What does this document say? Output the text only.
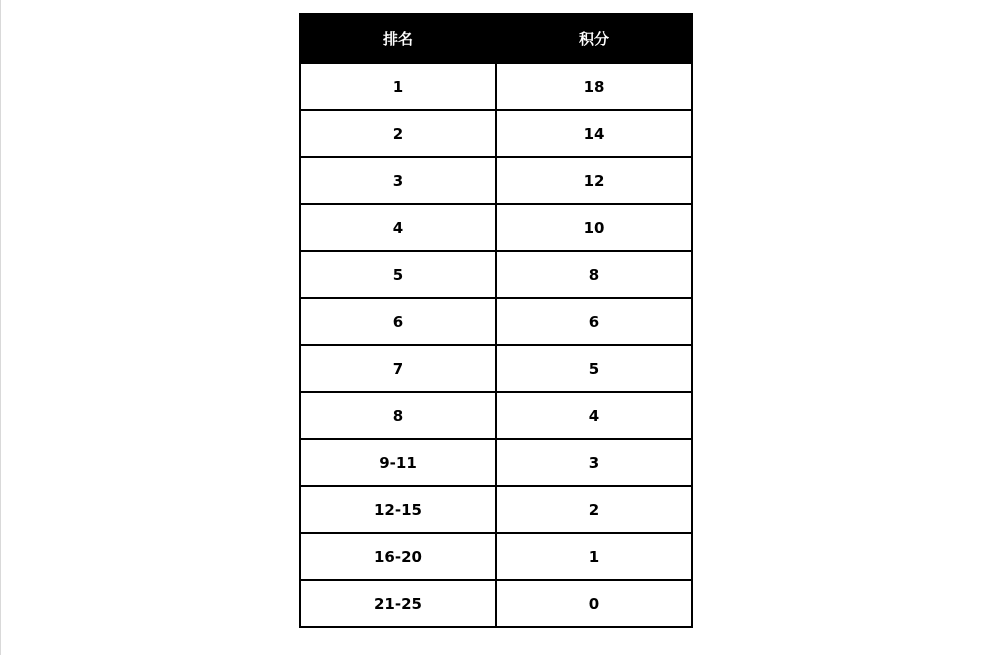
排名	积分
1	18
2	14
3	12
4	10
5	8
6	6
7	5
8	4
9-11	3
12-15	2
16-20	1
21-25	0
